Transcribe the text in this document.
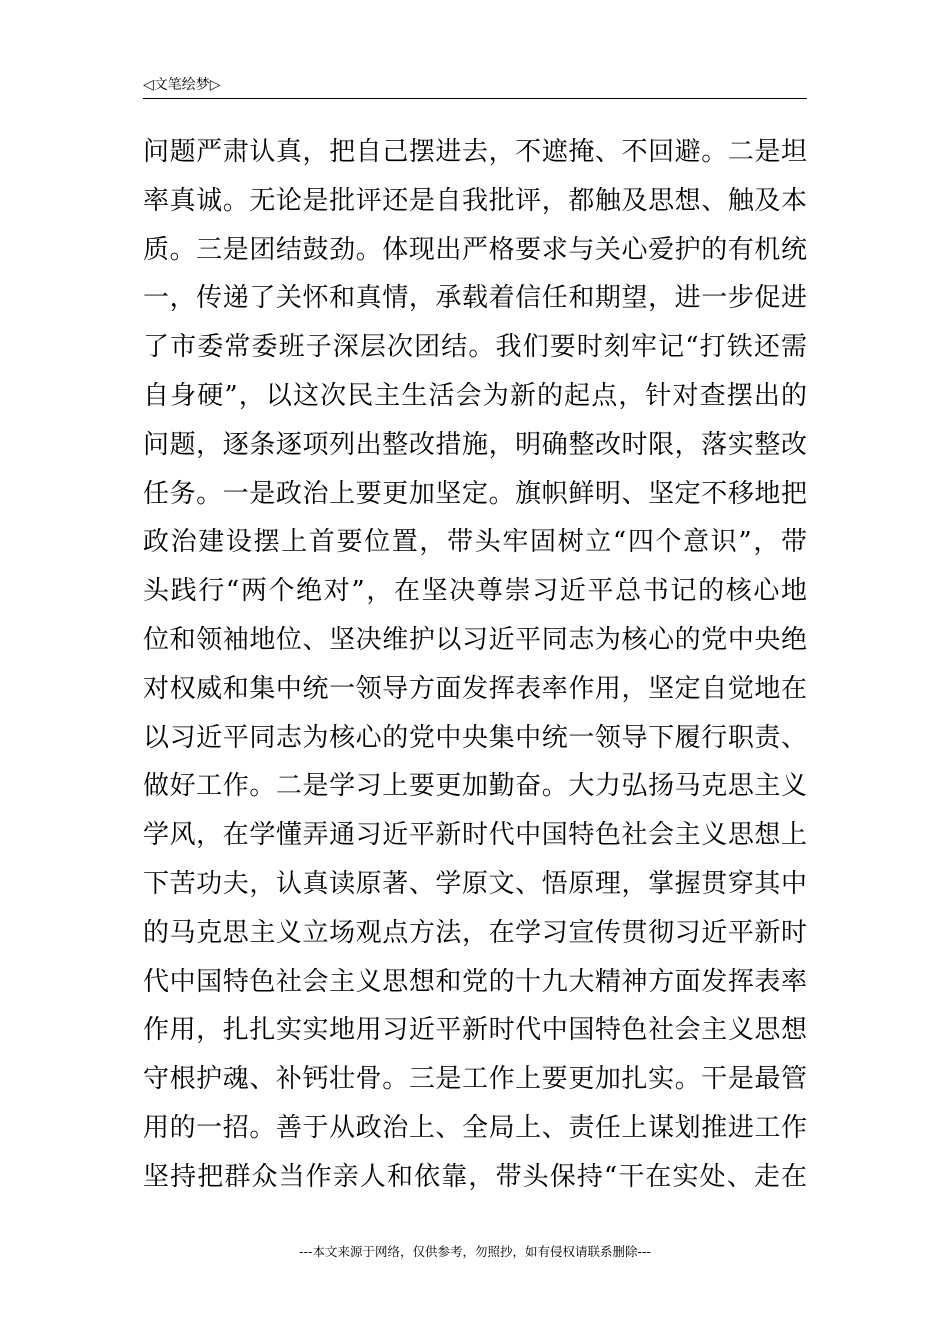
◁文笔绘梦▷
问题严肃认真，把自己摆进去，不遮掩、不回避。二是坦
率真诚。无论是批评还是自我批评，都触及思想、触及本
质。三是团结鼓劲。体现出严格要求与关心爱护的有机统
一，传递了关怀和真情，承载着信任和期望，进一步促进
了市委常委班子深层次团结。我们要时刻牢记“打铁还需
自身硬”，以这次民主生活会为新的起点，针对查摆出的
问题，逐条逐项列出整改措施，明确整改时限，落实整改
任务。一是政治上要更加坚定。旗帜鲜明、坚定不移地把
政治建设摆上首要位置，带头牢固树立“四个意识”，带
头践行“两个绝对”，在坚决尊崇习近平总书记的核心地
位和领袖地位、坚决维护以习近平同志为核心的党中央绝
对权威和集中统一领导方面发挥表率作用，坚定自觉地在
以习近平同志为核心的党中央集中统一领导下履行职责、
做好工作。二是学习上要更加勤奋。大力弘扬马克思主义
学风，在学懂弄通习近平新时代中国特色社会主义思想上
下苦功夫，认真读原著、学原文、悟原理，掌握贯穿其中
的马克思主义立场观点方法，在学习宣传贯彻习近平新时
代中国特色社会主义思想和党的十九大精神方面发挥表率
作用，扎扎实实地用习近平新时代中国特色社会主义思想
守根护魂、补钙壮骨。三是工作上要更加扎实。干是最管
用的一招。善于从政治上、全局上、责任上谋划推进工作
坚持把群众当作亲人和依靠，带头保持“干在实处、走在
---本文来源于网络，仅供参考，勿照抄，如有侵权请联系删除---
